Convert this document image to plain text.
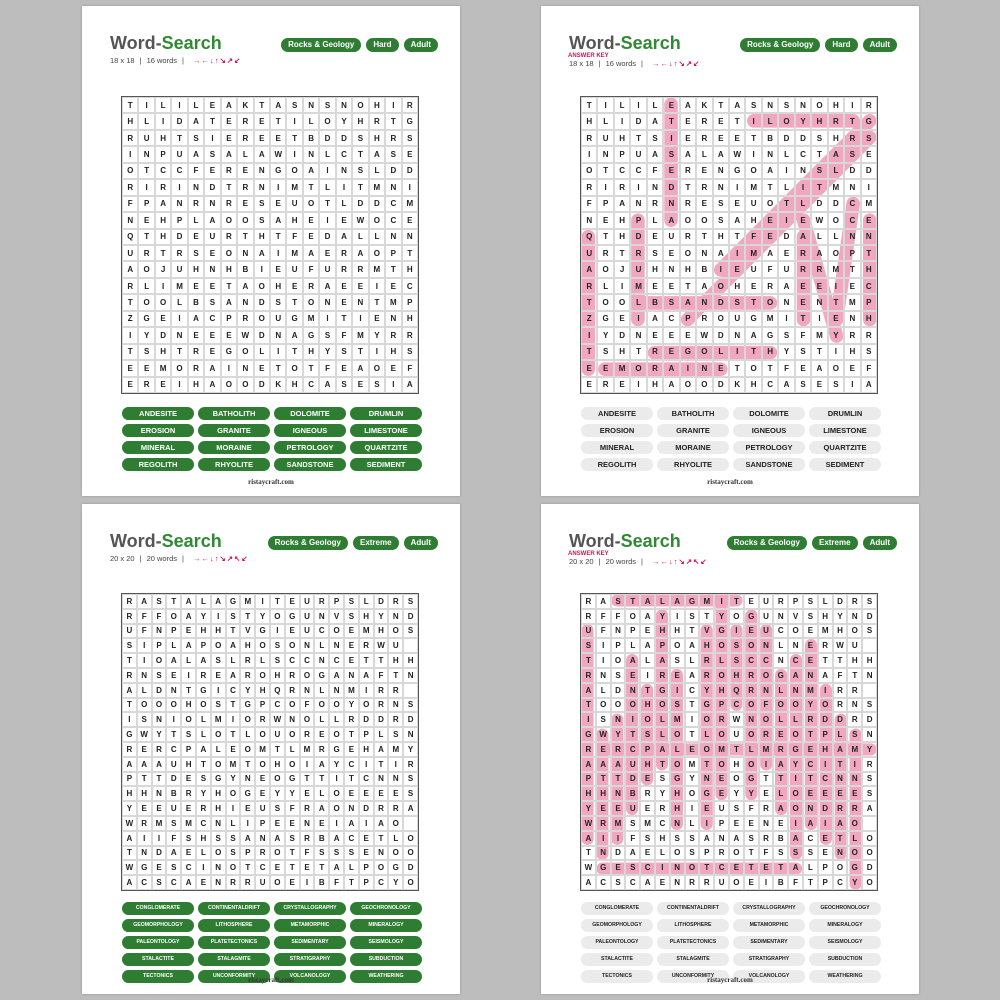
Word-Search	Rocks & Geology	Hard	Adult
18 x 18 | 16 words | →←↓↑↘↗↙
T	I	L	I	L	E	A	K	T	A	S	N	S	N	O	H	I	R
H	L	I	D	A	T	E	R	E	T	I	L	O	Y	H	R	T	G
R	U	H	T	S	I	E	R	E	E	T	B	D	D	S	H	R	S
I	N	P	U	A	S	A	L	A	W	I	N	L	C	T	A	S	E
O	T	C	C	F	E	R	E	N	G	O	A	I	N	S	L	D	D
R	I	R	I	N	D	T	R	N	I	M	T	L	I	T	M	N	I
F	P	A	N	R	N	R	E	S	E	U	O	T	L	D	D	C	M
N	E	H	P	L	A	O	O	S	A	H	E	I	E	W	O	C	E
Q	T	H	D	E	U	R	T	H	T	F	E	D	A	L	L	N	N
U	R	T	R	S	E	O	N	A	I	M	A	E	R	A	O	P	T
A	O	J	U	H	N	H	B	I	E	U	F	U	R	R	M	T	H
R	L	I	M	E	E	T	A	O	H	E	R	A	E	E	I	E	C
T	O	O	L	B	S	A	N	D	S	T	O	N	E	N	T	M	P
Z	G	E	I	A	C	P	R	O	U	G	M	I	T	I	E	N	H
I	Y	D	N	E	E	E	W	D	N	A	G	S	F	M	Y	R	R
T	S	H	T	R	E	G	O	L	I	T	H	Y	S	T	I	H	S
E	E	M	O	R	A	I	N	E	T	O	T	F	E	A	O	E	F
E	R	E	I	H	A	O	O	D	K	H	C	A	S	E	S	I	A
ANDESITE	BATHOLITH	DOLOMITE	DRUMLIN
EROSION	GRANITE	IGNEOUS	LIMESTONE
MINERAL	MORAINE	PETROLOGY	QUARTZITE
REGOLITH	RHYOLITE	SANDSTONE	SEDIMENT
ristaycraft.com
Word-Search	Rocks & Geology	Hard	Adult
ANSWER KEY
18 x 18 | 16 words | →←↓↑↘↗↙
T	I	L	I	L	E	A	K	T	A	S	N	S	N	O	H	I	R
H	L	I	D	A	T	E	R	E	T	I	L	O	Y	H	R	T	G
R	U	H	T	S	I	E	R	E	E	T	B	D	D	S	H	R	S
I	N	P	U	A	S	A	L	A	W	I	N	L	C	T	A	S	E
O	T	C	C	F	E	R	E	N	G	O	A	I	N	S	L	D	D
R	I	R	I	N	D	T	R	N	I	M	T	L	I	T	M	N	I
F	P	A	N	R	N	R	E	S	E	U	O	T	L	D	D	C	M
N	E	H	P	L	A	O	O	S	A	H	E	I	E	W	O	C	E
Q	T	H	D	E	U	R	T	H	T	F	E	D	A	L	L	N	N
U	R	T	R	S	E	O	N	A	I	M	A	E	R	A	O	P	T
A	O	J	U	H	N	H	B	I	E	U	F	U	R	R	M	T	H
R	L	I	M	E	E	T	A	O	H	E	R	A	E	E	I	E	C
T	O	O	L	B	S	A	N	D	S	T	O	N	E	N	T	M	P
Z	G	E	I	A	C	P	R	O	U	G	M	I	T	I	E	N	H
I	Y	D	N	E	E	E	W	D	N	A	G	S	F	M	Y	R	R
T	S	H	T	R	E	G	O	L	I	T	H	Y	S	T	I	H	S
E	E	M	O	R	A	I	N	E	T	O	T	F	E	A	O	E	F
E	R	E	I	H	A	O	O	D	K	H	C	A	S	E	S	I	A
ANDESITE	BATHOLITH	DOLOMITE	DRUMLIN
EROSION	GRANITE	IGNEOUS	LIMESTONE
MINERAL	MORAINE	PETROLOGY	QUARTZITE
REGOLITH	RHYOLITE	SANDSTONE	SEDIMENT
ristaycraft.com
Word-Search	Rocks & Geology	Extreme	Adult
20 x 20 | 20 words | →←↓↑↘↗↖↙
R	A	S	T	A	L	A	G	M	I	T	E	U	R	P	S	L	D	R	S
R	F	F	O	A	Y	I	S	T	Y	O	G	U	N	V	S	H	Y	N	D
U	F	N	P	E	H	H	T	V	G	I	E	U	C	O	E	M	H	O	S
S	I	P	L	A	P	O	A	H	O	S	O	N	L	N	E	R	W	U
T	I	O	A	L	A	S	L	R	L	S	C	C	N	C	E	T	T	H	H
R	N	S	E	I	R	E	A	R	O	H	R	O	G	A	N	A	F	T	N
A	L	D	N	T	G	I	C	Y	H	Q	R	N	L	N	M	I	R	R
T	O	O	O	H	O	S	T	G	P	C	O	F	O	O	Y	O	R	N	S
I	S	N	I	O	L	M	I	O	R	W	N	O	L	L	R	D	D	R	D
G W	Y	T	S	L	O	T	L	O	U	O	R	E	O	T	P	L	S	N
R	E	R	C	P	A	L	E	O	M	T	L	M	R	G	E	H	A	M	Y
A	A	A	U	H	T	O	M	T	O	H	O	I	A	Y	C	I	T	I	R
P	T	T	D	E	S	G	Y	N	E	O	G	T	T	I	T	C	N	N	S
H	H	N	B	R	Y	H	O	G	E	Y	Y	E	L	O	E	E	E	E	S
Y	E	E	U	E	R	H	I	E	U	S	F	R	A	O	N	D	R	R	A
W	R	M	S	M	C	N	L	I	P	E	E	N	E	I	A	I	A	O
A	I	I	F	S	H	S	S	A	N	A	S	R	B	A	C	E	T	L	O
T	N	D	A	E	L	O	S	P	R	O	T	F	S	S	S	E	N	O	O
W G	E	S	C	I	N	O	T	C	E	T	E	T	A	L	P	O	G	D
A	C	S	C	A	E	N	R	R	U	O	E	I	B	F	T	P	C	Y	O
CONGLOMERATE	CONTINENTALDRIFT	CRYSTALLOGRAPHY	GEOCHRONOLOGY
GEOMORPHOLOGY	LITHOSPHERE	METAMORPHIC	MINERALOGY
PALEONTOLOGY	PLATETECTONICS	SEDIMENTARY	SEISMOLOGY
STALACTITE	STALAGMITE	STRATIGRAPHY	SUBDUCTION
TECTONICS	UNCONFORMITY	VOLCANOLOGY	WEATHERING
ristaycraft.com
Word-Search	Rocks & Geology	Extreme	Adult
ANSWER KEY
20 x 20 | 20 words | →←↓↑↘↗↖↙
R	A	S	T	A	L	A	G	M	I	T	E	U	R	P	S	L	D	R	S
R	F	F	O	A	Y	I	S	T	Y	O	G	U	N	V	S	H	Y	N	D
U	F	N	P	E	H	H	T	V	G	I	E	U	C	O	E	M	H	O	S
S	I	P	L	A	P	O	A	H	O	S	O	N	L	N	E	R	W	U
T	I	O	A	L	A	S	L	R	L	S	C	C	N	C	E	T	T	H	H
R	N	S	E	I	R	E	A	R	O	H	R	O	G	A	N	A	F	T	N
A	L	D	N	T	G	I	C	Y	H	Q	R	N	L	N	M	I	R	R
T	O	O	O	H	O	S	T	G	P	C	O	F	O	O	Y	O	R	N	S
I	S	N	I	O	L	M	I	O	R	W	N	O	L	L	R	D	D	R	D
G W	Y	T	S	L	O	T	L	O	U	O	R	E	O	T	P	L	S	N
R	E	R	C	P	A	L	E	O	M	T	L	M	R	G	E	H	A	M	Y
A	A	A	U	H	T	O	M	T	O	H	O	I	A	Y	C	I	T	I	R
P	T	T	D	E	S	G	Y	N	E	O	G	T	T	I	T	C	N	N	S
H	H	N	B	R	Y	H	O	G	E	Y	Y	E	L	O	E	E	E	E	S
Y	E	E	U	E	R	H	I	E	U	S	F	R	A	O	N	D	R	R	A
W	R	M	S	M	C	N	L	I	P	E	E	N	E	I	A	I	A	O
A	I	I	F	S	H	S	S	A	N	A	S	R	B	A	C	E	T	L	O
T	N	D	A	E	L	O	S	P	R	O	T	F	S	S	S	E	N	O	O
W G	E	S	C	I	N	O	T	C	E	T	E	T	A	L	P	O	G	D
A	C	S	C	A	E	N	R	R	U	O	E	I	B	F	T	P	C	Y	O
CONGLOMERATE	CONTINENTALDRIFT	CRYSTALLOGRAPHY	GEOCHRONOLOGY
GEOMORPHOLOGY	LITHOSPHERE	METAMORPHIC	MINERALOGY
PALEONTOLOGY	PLATETECTONICS	SEDIMENTARY	SEISMOLOGY
STALACTITE	STALAGMITE	STRATIGRAPHY	SUBDUCTION
TECTONICS	UNCONFORMITY	VOLCANOLOGY	WEATHERING
ristaycraft.com
